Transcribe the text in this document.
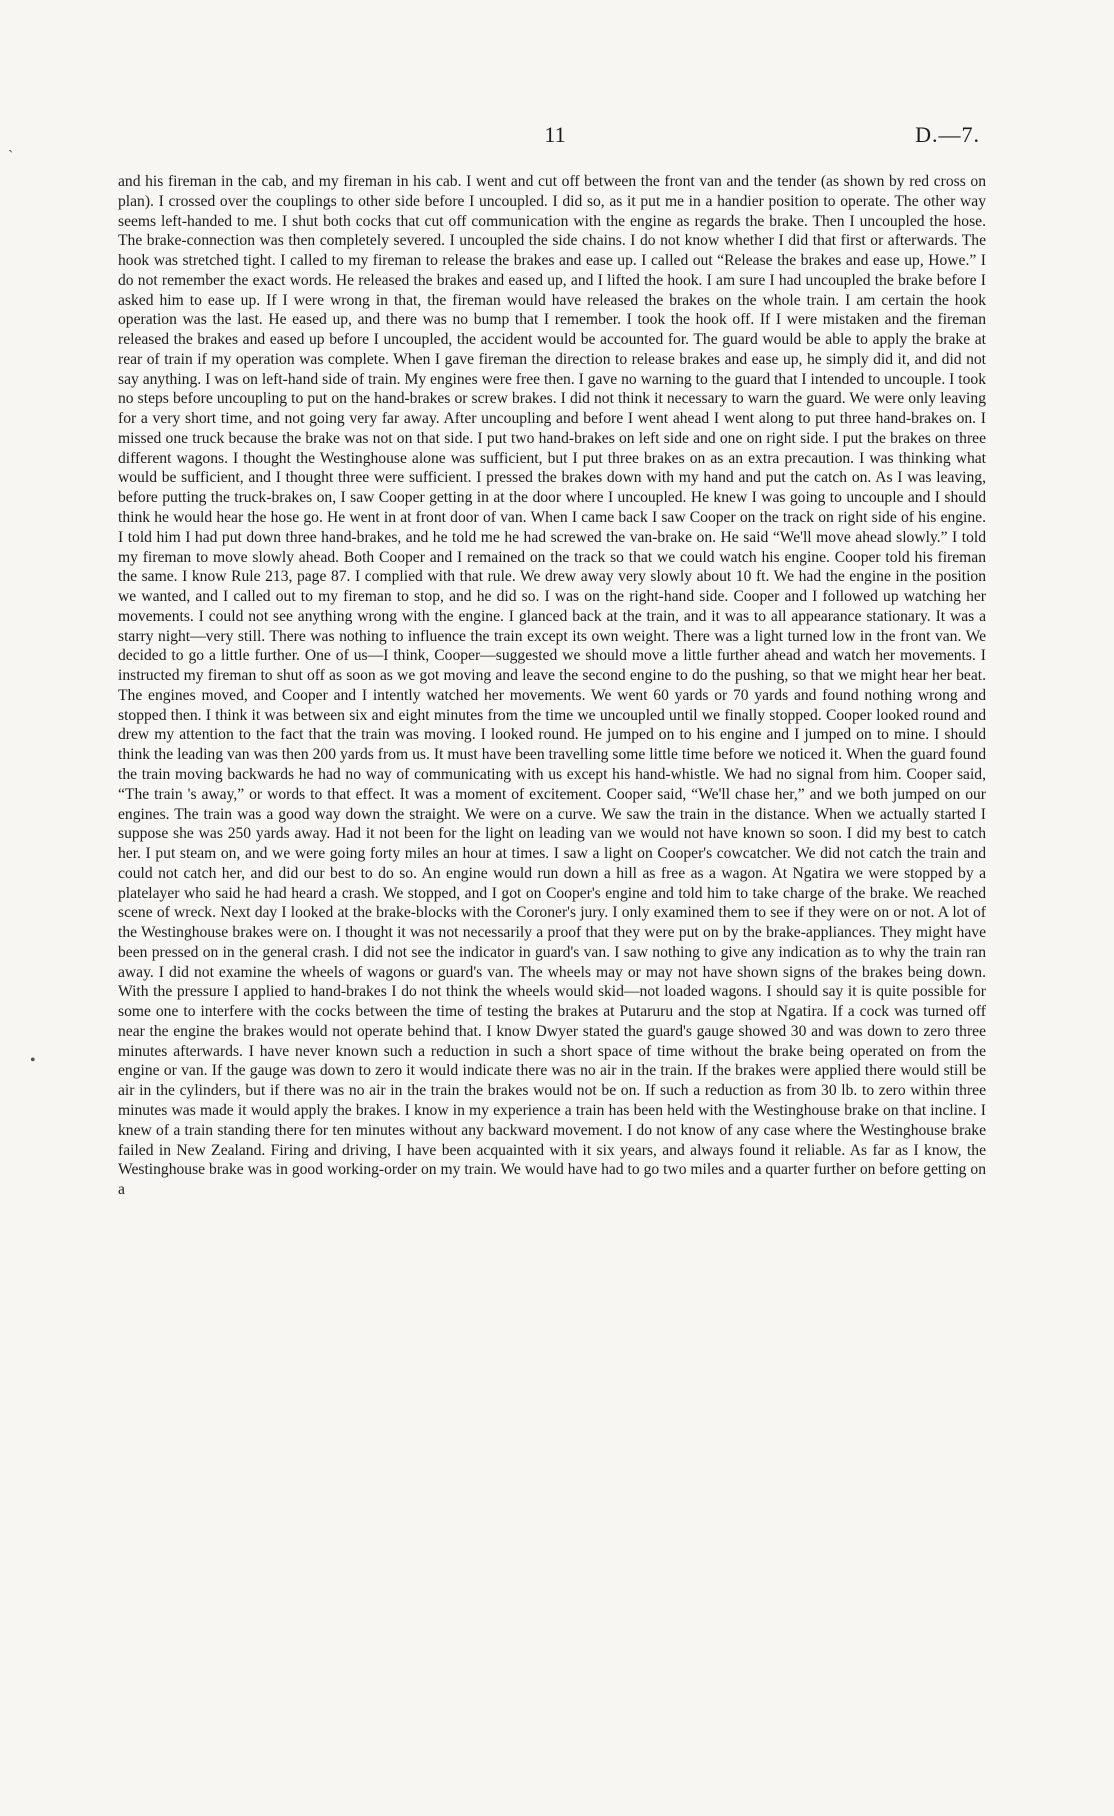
11	D.—7.
`
•

and his fireman in the cab, and my fireman in his cab. I went and cut off between the front van and the tender (as shown by red cross on plan). I crossed over the couplings to other side before I uncoupled. I did so, as it put me in a handier position to operate. The other way seems left-handed to me. I shut both cocks that cut off communication with the engine as regards the brake. Then I uncoupled the hose. The brake-connection was then completely severed. I uncoupled the side chains. I do not know whether I did that first or afterwards. The hook was stretched tight. I called to my fireman to release the brakes and ease up. I called out “Release the brakes and ease up, Howe.” I do not remember the exact words. He released the brakes and eased up, and I lifted the hook. I am sure I had uncoupled the brake before I asked him to ease up. If I were wrong in that, the fireman would have released the brakes on the whole train. I am certain the hook operation was the last. He eased up, and there was no bump that I remember. I took the hook off. If I were mistaken and the fireman released the brakes and eased up before I uncoupled, the accident would be accounted for. The guard would be able to apply the brake at rear of train if my operation was complete. When I gave fireman the direction to release brakes and ease up, he simply did it, and did not say anything. I was on left-hand side of train. My engines were free then. I gave no warning to the guard that I intended to uncouple. I took no steps before uncoupling to put on the hand-brakes or screw brakes. I did not think it necessary to warn the guard. We were only leaving for a very short time, and not going very far away. After uncoupling and before I went ahead I went along to put three hand-brakes on. I missed one truck because the brake was not on that side. I put two hand-brakes on left side and one on right side. I put the brakes on three different wagons. I thought the Westinghouse alone was sufficient, but I put three brakes on as an extra precaution. I was thinking what would be sufficient, and I thought three were sufficient. I pressed the brakes down with my hand and put the catch on. As I was leaving, before putting the truck-brakes on, I saw Cooper getting in at the door where I uncoupled. He knew I was going to uncouple and I should think he would hear the hose go. He went in at front door of van. When I came back I saw Cooper on the track on right side of his engine. I told him I had put down three hand-brakes, and he told me he had screwed the van-brake on. He said “We'll move ahead slowly.” I told my fireman to move slowly ahead. Both Cooper and I remained on the track so that we could watch his engine. Cooper told his fireman the same. I know Rule 213, page 87. I complied with that rule. We drew away very slowly about 10 ft. We had the engine in the position we wanted, and I called out to my fireman to stop, and he did so. I was on the right-hand side. Cooper and I followed up watching her movements. I could not see anything wrong with the engine. I glanced back at the train, and it was to all appearance stationary. It was a starry night—very still. There was nothing to influence the train except its own weight. There was a light turned low in the front van. We decided to go a little further. One of us—I think, Cooper—suggested we should move a little further ahead and watch her movements. I instructed my fireman to shut off as soon as we got moving and leave the second engine to do the pushing, so that we might hear her beat. The engines moved, and Cooper and I intently watched her movements. We went 60 yards or 70 yards and found nothing wrong and stopped then. I think it was between six and eight minutes from the time we uncoupled until we finally stopped. Cooper looked round and drew my attention to the fact that the train was moving. I looked round. He jumped on to his engine and I jumped on to mine. I should think the leading van was then 200 yards from us. It must have been travelling some little time before we noticed it. When the guard found the train moving backwards he had no way of communicating with us except his hand-whistle. We had no signal from him. Cooper said, “The train 's away,” or words to that effect. It was a moment of excitement. Cooper said, “We'll chase her,” and we both jumped on our engines. The train was a good way down the straight. We were on a curve. We saw the train in the distance. When we actually started I suppose she was 250 yards away. Had it not been for the light on leading van we would not have known so soon. I did my best to catch her. I put steam on, and we were going forty miles an hour at times. I saw a light on Cooper's cowcatcher. We did not catch the train and could not catch her, and did our best to do so. An engine would run down a hill as free as a wagon. At Ngatira we were stopped by a platelayer who said he had heard a crash. We stopped, and I got on Cooper's engine and told him to take charge of the brake. We reached scene of wreck. Next day I looked at the brake-blocks with the Coroner's jury. I only examined them to see if they were on or not. A lot of the Westinghouse brakes were on. I thought it was not necessarily a proof that they were put on by the brake-appliances. They might have been pressed on in the general crash. I did not see the indicator in guard's van. I saw nothing to give any indication as to why the train ran away. I did not examine the wheels of wagons or guard's van. The wheels may or may not have shown signs of the brakes being down. With the pressure I applied to hand-brakes I do not think the wheels would skid—not loaded wagons. I should say it is quite possible for some one to interfere with the cocks between the time of testing the brakes at Putaruru and the stop at Ngatira. If a cock was turned off near the engine the brakes would not operate behind that. I know Dwyer stated the guard's gauge showed 30 and was down to zero three minutes afterwards. I have never known such a reduction in such a short space of time without the brake being operated on from the engine or van. If the gauge was down to zero it would indicate there was no air in the train. If the brakes were applied there would still be air in the cylinders, but if there was no air in the train the brakes would not be on. If such a reduction as from 30 lb. to zero within three minutes was made it would apply the brakes. I know in my experience a train has been held with the Westinghouse brake on that incline. I knew of a train standing there for ten minutes without any backward movement. I do not know of any case where the Westinghouse brake failed in New Zealand. Firing and driving, I have been acquainted with it six years, and always found it reliable. As far as I know, the Westinghouse brake was in good working-order on my train. We would have had to go two miles and a quarter further on before getting on a
